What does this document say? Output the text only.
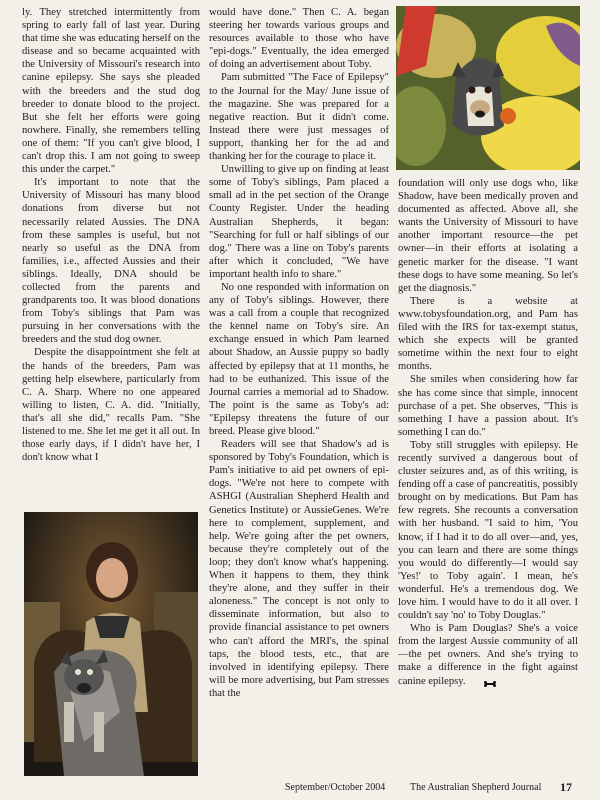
ly. They stretched intermittently from spring to early fall of last year. During that time she was educating herself on the disease and so became acquainted with the University of Missouri's research into canine epilepsy. She says she pleaded with the breeders and the stud dog breeder to donate blood to the project. But she felt her efforts were going nowhere. Finally, she remembers telling one of them: "If you can't give blood, I can't drop this. I am not going to sweep this under the carpet."

It's important to note that the University of Missouri has many blood donations from diverse but not necessarily related Aussies. The DNA from these samples is useful, but not nearly so useful as the DNA from families, i.e., affected Aussies and their siblings. Ideally, DNA should be collected from the parents and grandparents too. It was blood donations from Toby's siblings that Pam was pursuing in her conversations with the breeders and the stud dog owner.

Despite the disappointment she felt at the hands of the breeders, Pam was getting help elsewhere, particularly from C. A. Sharp. Where no one appeared willing to listen, C. A. did. "Initially, that's all she did," recalls Pam. "She listened to me. She let me get it all out. In those early days, if I didn't have her, I don't know what I

would have done." Then C. A. began steering her towards various groups and resources available to those who have "epi-dogs." Eventually, the idea emerged of doing an advertisement about Toby.

Pam submitted "The Face of Epilepsy" to the Journal for the May/ June issue of the magazine. She was prepared for a negative reaction. But it didn't come. Instead there were just messages of support, thanking her for the ad and thanking her for the courage to place it.

Unwilling to give up on finding at least some of Toby's siblings, Pam placed a small ad in the pet section of the Orange County Register. Under the heading Australian Shepherds, it began: "Searching for full or half siblings of our dog." There was a line on Toby's parents after which it concluded, "We have important health info to share."

No one responded with information on any of Toby's siblings. However, there was a call from a couple that recognized the kennel name on Toby's sire. An exchange ensued in which Pam learned about Shadow, an Aussie puppy so badly affected by epilepsy that at 11 months, he had to be euthanized. This issue of the Journal carries a memorial ad to Shadow. The point is the same as Toby's ad: "Epilepsy threatens the future of our breed. Please give blood."

Readers will see that Shadow's ad is sponsored by Toby's Foundation, which is Pam's initiative to aid pet owners of epi-dogs. "We're not here to compete with ASHGI (Australian Shepherd Health and Genetics Institute) or AussieGenes. We're here to complement, supplement, and help. We're going after the pet owners, because they're completely out of the loop; they don't know what's happening. When it happens to them, they think they're alone, and they suffer in their aloneness." The concept is not only to disseminate information, but also to provide financial assistance to pet owners who can't afford the MRI's, the spinal taps, the blood tests, etc., that are involved in identifying epilepsy. There will be more advertising, but Pam stresses that the

foundation will only use dogs who, like Shadow, have been medically proven and documented as affected. Above all, she wants the University of Missouri to have another important resource—the pet owner—in their efforts at isolating a genetic marker for the disease. "I want these dogs to have some meaning. So let's get the diagnosis."

There is a website at www.tobysfoundation.org, and Pam has filed with the IRS for tax-exempt status, which she expects will be granted sometime within the next four to eight months.

She smiles when considering how far she has come since that simple, innocent purchase of a pet. She observes, "This is something I have a passion about. It's something I can do."

Toby still struggles with epilepsy. He recently survived a dangerous bout of cluster seizures and, as of this writing, is fending off a case of pancreatitis, possibly brought on by medications. But Pam has few regrets. She recounts a conversation with her husband. "I said to him, 'You know, if I had it to do all over—and, yes, you can learn and there are some things you would do differently—I would say 'Yes!' to Toby again'. I mean, he's wonderful. He's a tremendous dog. We love him. I would have to do it all over. I couldn't say 'no' to Toby Douglas."

Who is Pam Douglas? She's a voice from the largest Aussie community of all—the pet owners. And she's trying to make a difference in the fight against canine epilepsy.

September/October 2004 The Australian Shepherd Journal 17
